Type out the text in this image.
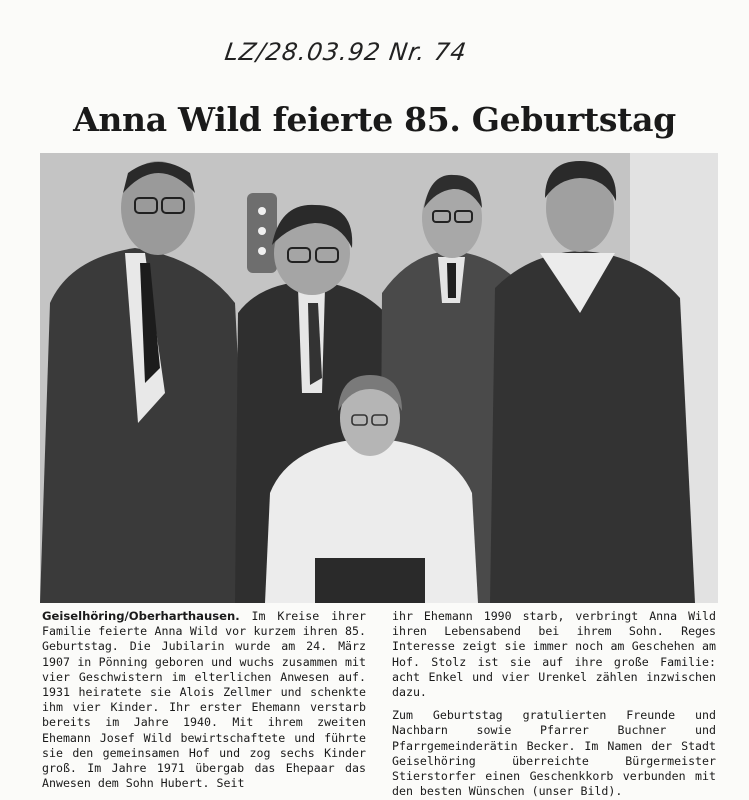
LZ/28.03.92 Nr. 74
Anna Wild feierte 85. Geburtstag

Geiselhöring/Oberharthausen. Im Kreise ihrer Familie feierte Anna Wild vor kurzem ihren 85. Geburtstag. Die Jubilarin wurde am 24. März 1907 in Pönning geboren und wuchs zusammen mit vier Geschwistern im elterlichen Anwesen auf. 1931 heiratete sie Alois Zellmer und schenkte ihm vier Kinder. Ihr erster Ehemann verstarb bereits im Jahre 1940. Mit ihrem zweiten Ehemann Josef Wild bewirtschaftete und führte sie den gemeinsamen Hof und zog sechs Kinder groß. Im Jahre 1971 übergab das Ehepaar das Anwesen dem Sohn Hubert. Seit

ihr Ehemann 1990 starb, verbringt Anna Wild ihren Lebensabend bei ihrem Sohn. Reges Interesse zeigt sie immer noch am Geschehen am Hof. Stolz ist sie auf ihre große Familie: acht Enkel und vier Urenkel zählen inzwischen dazu.

Zum Geburtstag gratulierten Freunde und Nachbarn sowie Pfarrer Buchner und Pfarrgemeinderätin Becker. Im Namen der Stadt Geiselhöring überreichte Bürgermeister Stierstorfer einen Geschenkkorb verbunden mit den besten Wünschen (unser Bild).
